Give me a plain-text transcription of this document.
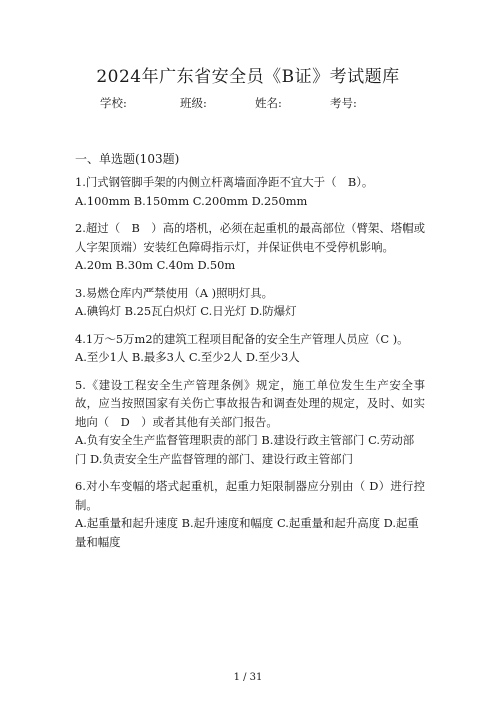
2024年广东省安全员《B证》考试题库
学校:	班级:	姓名:	考号:
一、单选题(103题)

1.门式钢管脚手架的内侧立杆离墙面净距不宜大于（　B）。

A.100mm B.150mm C.200mm D.250mm

2.超过（　B　）高的塔机，必须在起重机的最高部位（臂架、塔帽或人字架顶端）安装红色障碍指示灯，并保证供电不受停机影响。

A.20m B.30m C.40m D.50m

3.易燃仓库内严禁使用（A )照明灯具。

A.碘钨灯 B.25瓦白炽灯 C.日光灯 D.防爆灯

4.1万～5万m2的建筑工程项目配备的安全生产管理人员应（C )。

A.至少1人 B.最多3人 C.至少2人 D.至少3人

5.《建设工程安全生产管理条例》规定，施工单位发生生产安全事故，应当按照国家有关伤亡事故报告和调查处理的规定，及时、如实地向（　D　）或者其他有关部门报告。

A.负有安全生产监督管理职责的部门 B.建设行政主管部门 C.劳动部门 D.负责安全生产监督管理的部门、建设行政主管部门

6.对小车变幅的塔式起重机，起重力矩限制器应分别由（ D）进行控制。

A.起重量和起升速度 B.起升速度和幅度 C.起重量和起升高度 D.起重量和幅度

1 / 31
